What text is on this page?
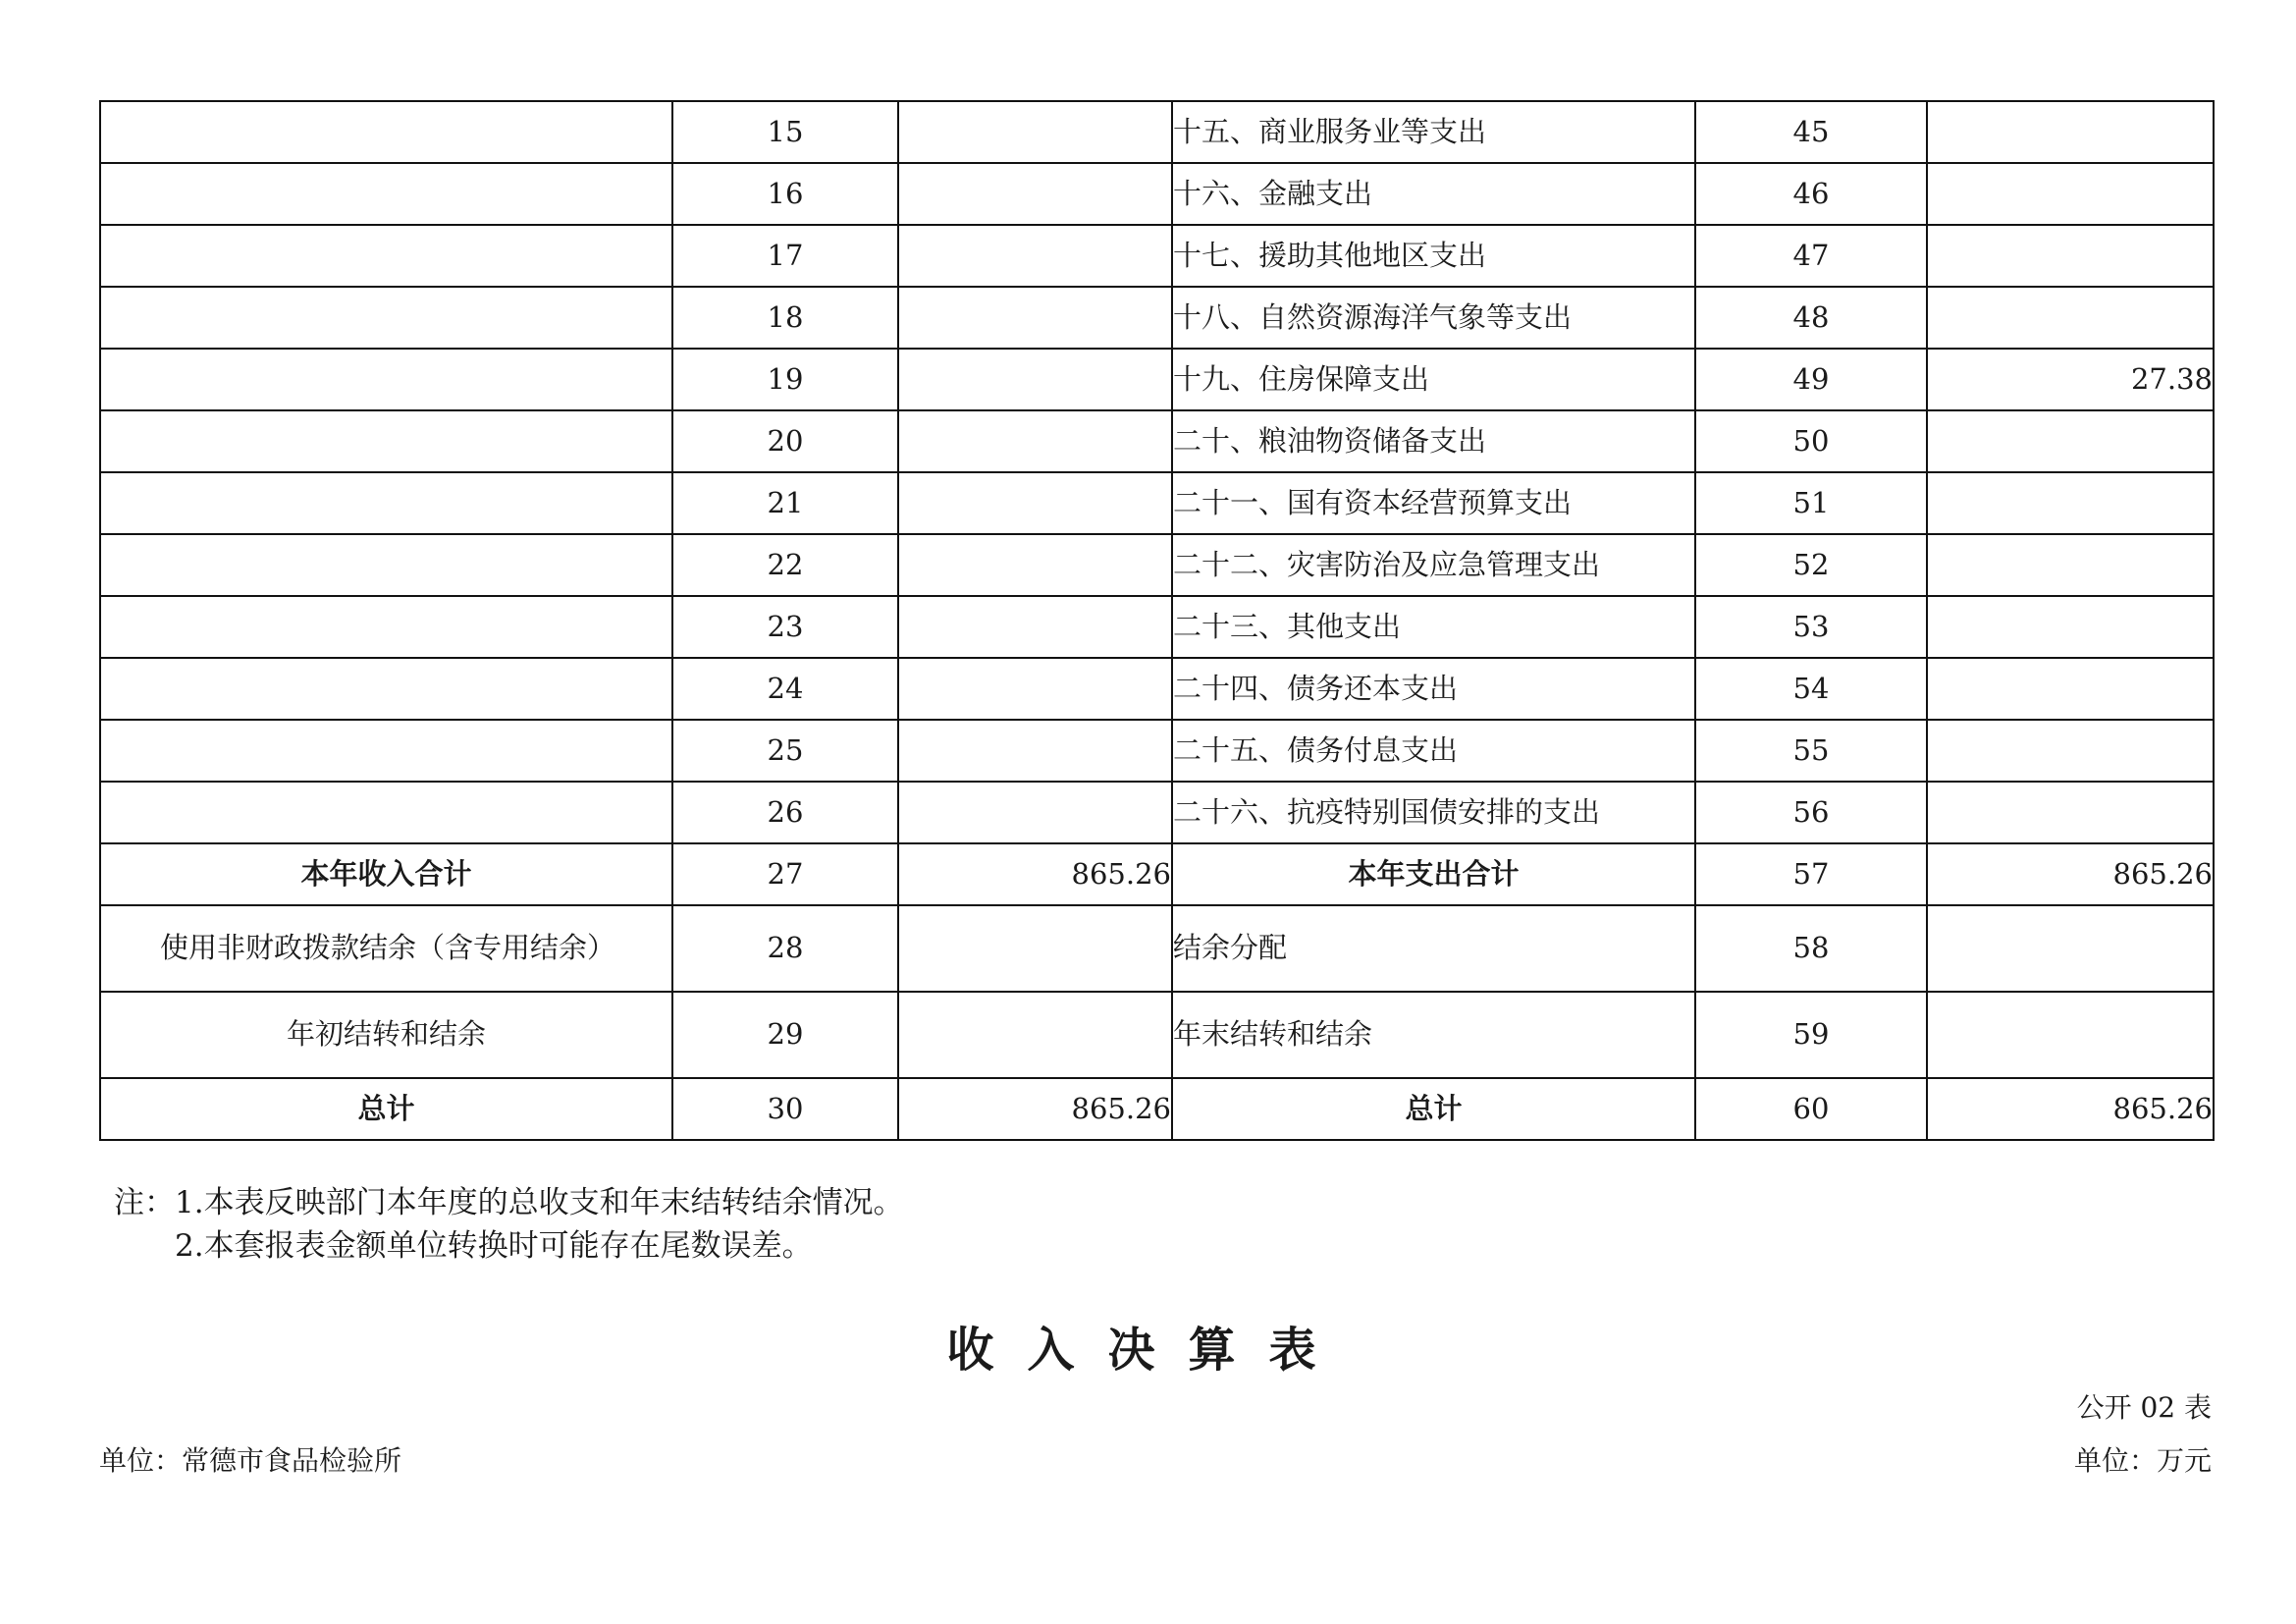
	15		十五、商业服务业等支出	45	
	16		十六、金融支出	46	
	17		十七、援助其他地区支出	47	
	18		十八、自然资源海洋气象等支出	48	
	19		十九、住房保障支出	49	27.38
	20		二十、粮油物资储备支出	50	
	21		二十一、国有资本经营预算支出	51	
	22		二十二、灾害防治及应急管理支出	52	
	23		二十三、其他支出	53	
	24		二十四、债务还本支出	54	
	25		二十五、债务付息支出	55	
	26		二十六、抗疫特别国债安排的支出	56	
本年收入合计	27	865.26	本年支出合计	57	865.26
使用非财政拨款结余（含专用结余）	28		结余分配	58	
年初结转和结余	29		年末结转和结余	59	
总计	30	865.26	总计	60	865.26
注：1.本表反映部门本年度的总收支和年末结转结余情况。
2.本套报表金额单位转换时可能存在尾数误差。
收入决算表
公开 02 表
单位：常德市食品检验所	单位：万元
